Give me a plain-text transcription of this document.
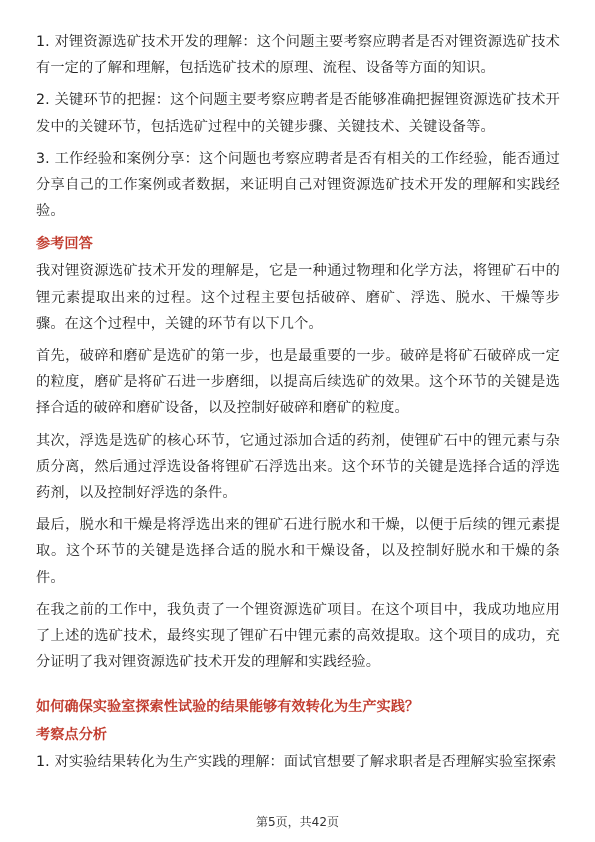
1. 对锂资源选矿技术开发的理解：这个问题主要考察应聘者是否对锂资源选矿技术有一定的了解和理解，包括选矿技术的原理、流程、设备等方面的知识。

2. 关键环节的把握：这个问题主要考察应聘者是否能够准确把握锂资源选矿技术开发中的关键环节，包括选矿过程中的关键步骤、关键技术、关键设备等。

3. 工作经验和案例分享：这个问题也考察应聘者是否有相关的工作经验，能否通过分享自己的工作案例或者数据，来证明自己对锂资源选矿技术开发的理解和实践经验。

参考回答

我对锂资源选矿技术开发的理解是，它是一种通过物理和化学方法，将锂矿石中的锂元素提取出来的过程。这个过程主要包括破碎、磨矿、浮选、脱水、干燥等步骤。在这个过程中，关键的环节有以下几个。

首先，破碎和磨矿是选矿的第一步，也是最重要的一步。破碎是将矿石破碎成一定的粒度，磨矿是将矿石进一步磨细，以提高后续选矿的效果。这个环节的关键是选择合适的破碎和磨矿设备，以及控制好破碎和磨矿的粒度。

其次，浮选是选矿的核心环节，它通过添加合适的药剂，使锂矿石中的锂元素与杂质分离，然后通过浮选设备将锂矿石浮选出来。这个环节的关键是选择合适的浮选药剂，以及控制好浮选的条件。

最后，脱水和干燥是将浮选出来的锂矿石进行脱水和干燥，以便于后续的锂元素提取。这个环节的关键是选择合适的脱水和干燥设备，以及控制好脱水和干燥的条件。

在我之前的工作中，我负责了一个锂资源选矿项目。在这个项目中，我成功地应用了上述的选矿技术，最终实现了锂矿石中锂元素的高效提取。这个项目的成功，充分证明了我对锂资源选矿技术开发的理解和实践经验。

如何确保实验室探索性试验的结果能够有效转化为生产实践？
考察点分析

1. 对实验结果转化为生产实践的理解：面试官想要了解求职者是否理解实验室探索

第5页，共42页
